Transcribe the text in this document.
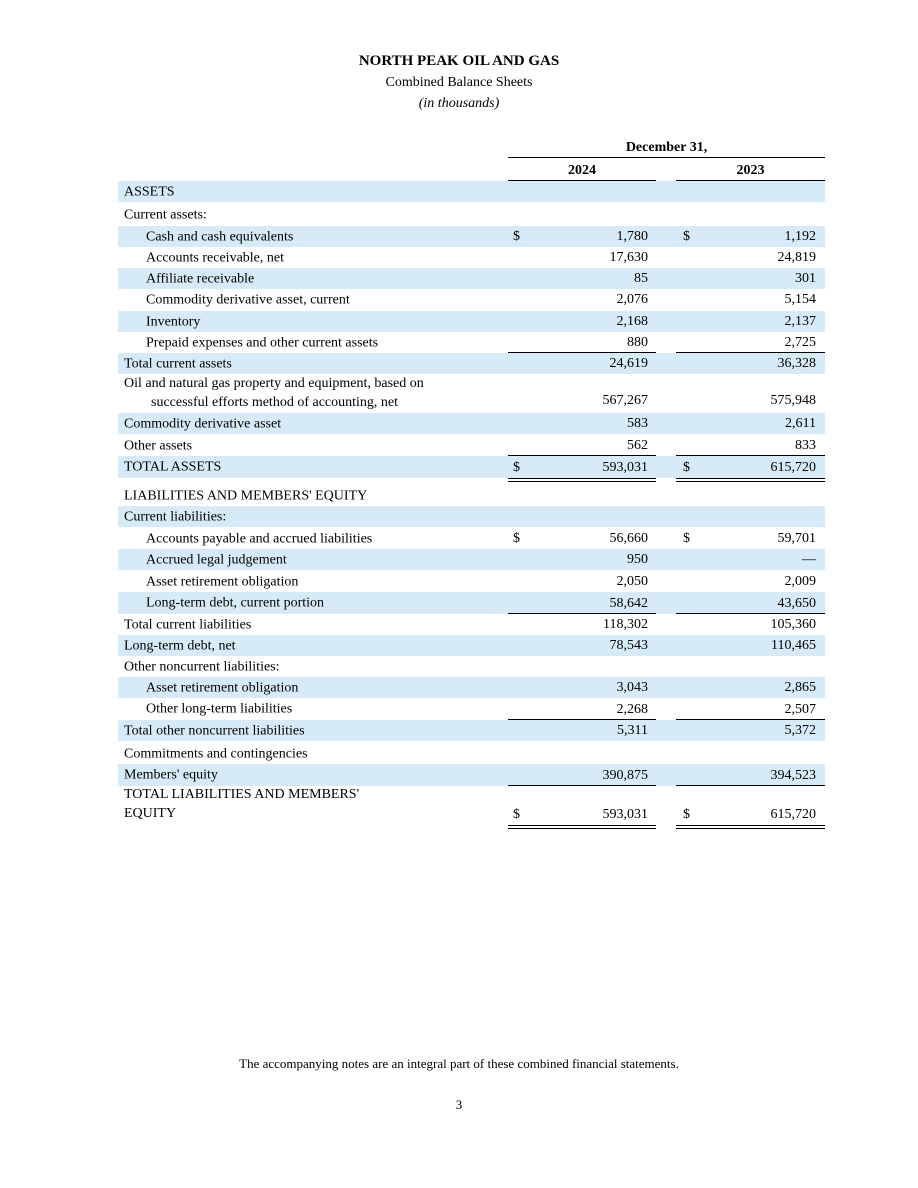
NORTH PEAK OIL AND GAS
Combined Balance Sheets
(in thousands)
December 31,
2024	2023
ASSETS
Current assets:
Cash and cash equivalents	$	1,780	$	1,192
Accounts receivable, net	17,630	24,819
Affiliate receivable	85	301
Commodity derivative asset, current	2,076	5,154
Inventory	2,168	2,137
Prepaid expenses and other current assets	880	2,725
Total current assets	24,619	36,328
Oil and natural gas property and equipment, based on
successful efforts method of accounting, net	567,267	575,948
Commodity derivative asset	583	2,611
Other assets	562	833
TOTAL ASSETS	$	593,031	$	615,720
LIABILITIES AND MEMBERS' EQUITY
Current liabilities:
Accounts payable and accrued liabilities	$	56,660	$	59,701
Accrued legal judgement	950	—
Asset retirement obligation	2,050	2,009
Long-term debt, current portion	58,642	43,650
Total current liabilities	118,302	105,360
Long-term debt, net	78,543	110,465
Other noncurrent liabilities:
Asset retirement obligation	3,043	2,865
Other long-term liabilities	2,268	2,507
Total other noncurrent liabilities	5,311	5,372
Commitments and contingencies
Members' equity	390,875	394,523
TOTAL LIABILITIES AND MEMBERS'
EQUITY	$	593,031	$	615,720
The accompanying notes are an integral part of these combined financial statements.
3
